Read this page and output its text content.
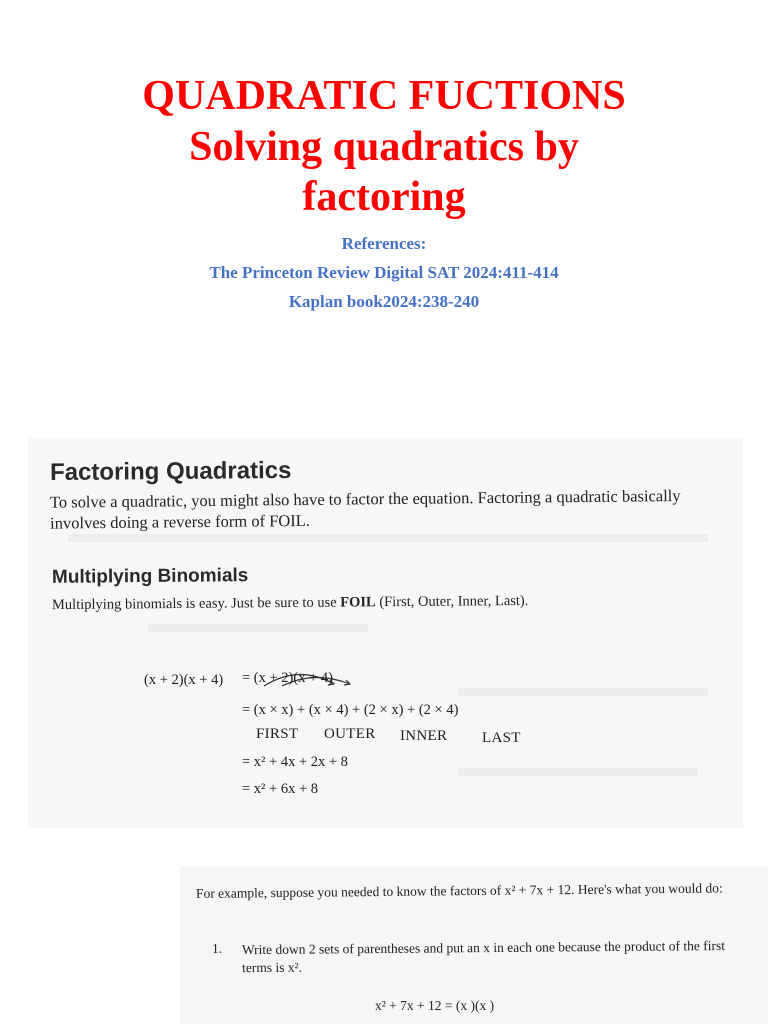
QUADRATIC FUCTIONS
Solving quadratics by
factoring
References:
The Princeton Review Digital SAT 2024:411-414
Kaplan book2024:238-240
Factoring Quadratics
To solve a quadratic, you might also have to factor the equation. Factoring a quadratic basically involves doing a reverse form of FOIL.
Multiplying Binomials
Multiplying binomials is easy. Just be sure to use FOIL (First, Outer, Inner, Last).
(x + 2)(x + 4) = (x + 2)(x + 4)
= (x × x) + (x × 4) + (2 × x) + (2 × 4)
FIRST OUTER INNER LAST
= x² + 4x + 2x + 8
= x² + 6x + 8
For example, suppose you needed to know the factors of x² + 7x + 12. Here's what you would do:
1. Write down 2 sets of parentheses and put an x in each one because the product of the first terms is x².
x² + 7x + 12 = (x )(x )
